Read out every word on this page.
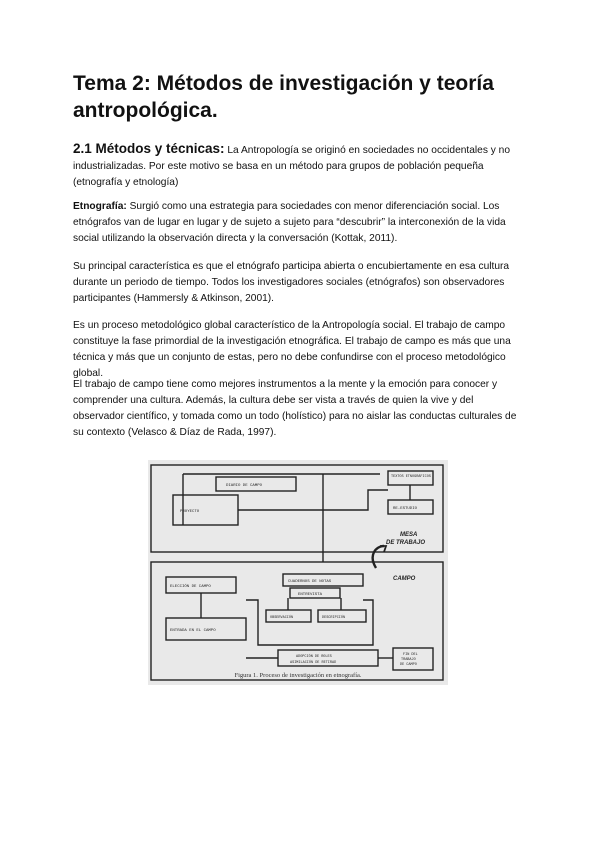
Tema 2: Métodos de investigación y teoría antropológica.

2.1 Métodos y técnicas: La Antropología se originó en sociedades no occidentales y no industrializadas. Por este motivo se basa en un método para grupos de población pequeña (etnografía y etnología)

Etnografía: Surgió como una estrategia para sociedades con menor diferenciación social. Los etnógrafos van de lugar en lugar y de sujeto a sujeto para “descubrir” la interconexión de la vida social utilizando la observación directa y la conversación (Kottak, 2011).

Su principal característica es que el etnógrafo participa abierta o encubiertamente en esa cultura durante un periodo de tiempo. Todos los investigadores sociales (etnógrafos) son observadores participantes (Hammersly & Atkinson, 2001).

Es un proceso metodológico global característico de la Antropología social. El trabajo de campo constituye la fase primordial de la investigación etnográfica. El trabajo de campo es más que una técnica y más que un conjunto de estas, pero no debe confundirse con el proceso metodológico global.

El trabajo de campo tiene como mejores instrumentos a la mente y la emoción para conocer y comprender una cultura. Además, la cultura debe ser vista a través de quien la vive y del observador científico, y tomada como un todo (holístico) para no aislar las conductas culturales de su contexto (Velasco & Díaz de Rada, 1997).

DIARIO DE CAMPO
TEXTOS ETNOGRÁFICOS
PROYECTO
RE-ESTUDIO
MESA
DE TRABAJO
CAMPO
ELECCIÓN DE CAMPO
CUADERNOS DE NOTAS
ENTREVISTA
OBSERVACIÓN	DESCRIPCIÓN
ENTRADA EN EL CAMPO
ADOPCIÓN DE ROLES
ASIMILACIÓN DE RETIRAD
FIN DEL
TRABAJO
DE CAMPO
Figura 1. Proceso de investigación en etnografía.
